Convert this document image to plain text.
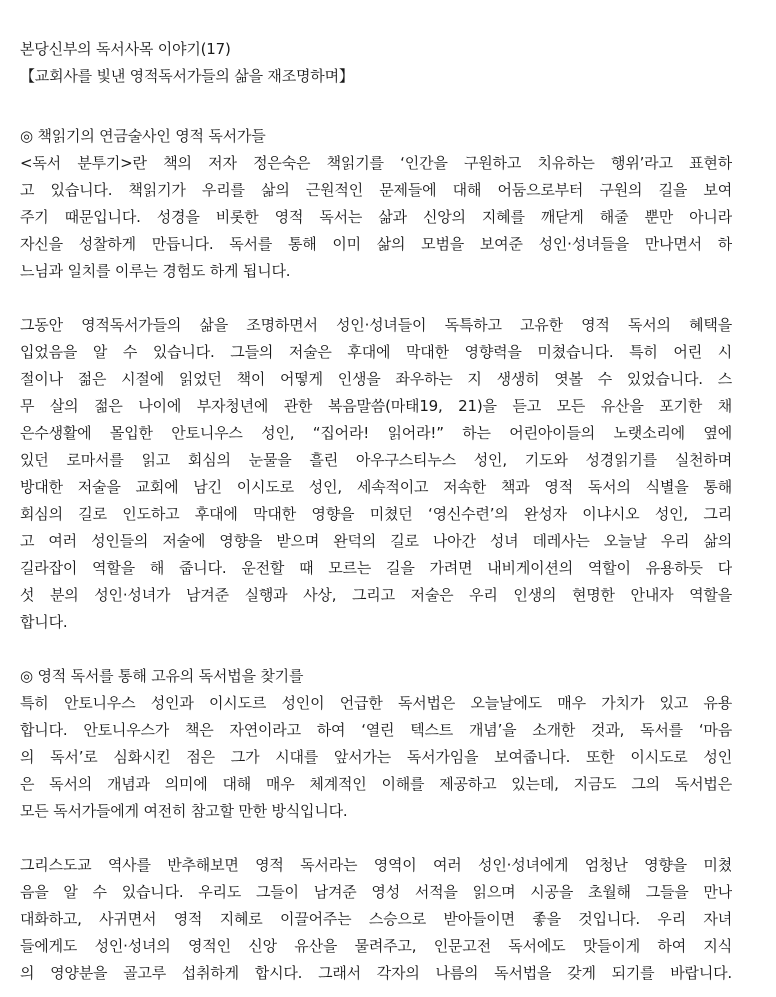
본당신부의 독서사목 이야기(17)
【교회사를 빛낸 영적독서가들의 삶을 재조명하며】
◎ 책읽기의 연금술사인 영적 독서가들
<독서 분투기>란 책의 저자 정은숙은 책읽기를 ‘인간을 구원하고 치유하는 행위’라고 표현하
고 있습니다. 책읽기가 우리를 삶의 근원적인 문제들에 대해 어둠으로부터 구원의 길을 보여
주기 때문입니다. 성경을 비롯한 영적 독서는 삶과 신앙의 지혜를 깨닫게 해줄 뿐만 아니라
자신을 성찰하게 만듭니다. 독서를 통해 이미 삶의 모범을 보여준 성인·성녀들을 만나면서 하
느님과 일치를 이루는 경험도 하게 됩니다.
그동안 영적독서가들의 삶을 조명하면서 성인·성녀들이 독특하고 고유한 영적 독서의 혜택을
입었음을 알 수 있습니다. 그들의 저술은 후대에 막대한 영향력을 미쳤습니다. 특히 어린 시
절이나 젊은 시절에 읽었던 책이 어떻게 인생을 좌우하는 지 생생히 엿볼 수 있었습니다. 스
무 살의 젊은 나이에 부자청년에 관한 복음말씀(마태19, 21)을 듣고 모든 유산을 포기한 채
은수생활에 몰입한 안토니우스 성인, “집어라! 읽어라!” 하는 어린아이들의 노랫소리에 옆에
있던 로마서를 읽고 회심의 눈물을 흘린 아우구스티누스 성인, 기도와 성경읽기를 실천하며
방대한 저술을 교회에 남긴 이시도로 성인, 세속적이고 저속한 책과 영적 독서의 식별을 통해
회심의 길로 인도하고 후대에 막대한 영향을 미쳤던 ‘영신수련’의 완성자 이냐시오 성인, 그리
고 여러 성인들의 저술에 영향을 받으며 완덕의 길로 나아간 성녀 데레사는 오늘날 우리 삶의
길라잡이 역할을 해 줍니다. 운전할 때 모르는 길을 가려면 내비게이션의 역할이 유용하듯 다
섯 분의 성인·성녀가 남겨준 실행과 사상, 그리고 저술은 우리 인생의 현명한 안내자 역할을
합니다.
◎ 영적 독서를 통해 고유의 독서법을 찾기를
특히 안토니우스 성인과 이시도르 성인이 언급한 독서법은 오늘날에도 매우 가치가 있고 유용
합니다. 안토니우스가 책은 자연이라고 하여 ‘열린 텍스트 개념’을 소개한 것과, 독서를 ‘마음
의 독서’로 심화시킨 점은 그가 시대를 앞서가는 독서가임을 보여줍니다. 또한 이시도로 성인
은 독서의 개념과 의미에 대해 매우 체계적인 이해를 제공하고 있는데, 지금도 그의 독서법은
모든 독서가들에게 여전히 참고할 만한 방식입니다.
그리스도교 역사를 반추해보면 영적 독서라는 영역이 여러 성인·성녀에게 엄청난 영향을 미쳤
음을 알 수 있습니다. 우리도 그들이 남겨준 영성 서적을 읽으며 시공을 초월해 그들을 만나
대화하고, 사귀면서 영적 지혜로 이끌어주는 스승으로 받아들이면 좋을 것입니다. 우리 자녀
들에게도 성인·성녀의 영적인 신앙 유산을 물려주고, 인문고전 독서에도 맛들이게 하여 지식
의 영양분을 골고루 섭취하게 합시다. 그래서 각자의 나름의 독서법을 갖게 되기를 바랍니다.
